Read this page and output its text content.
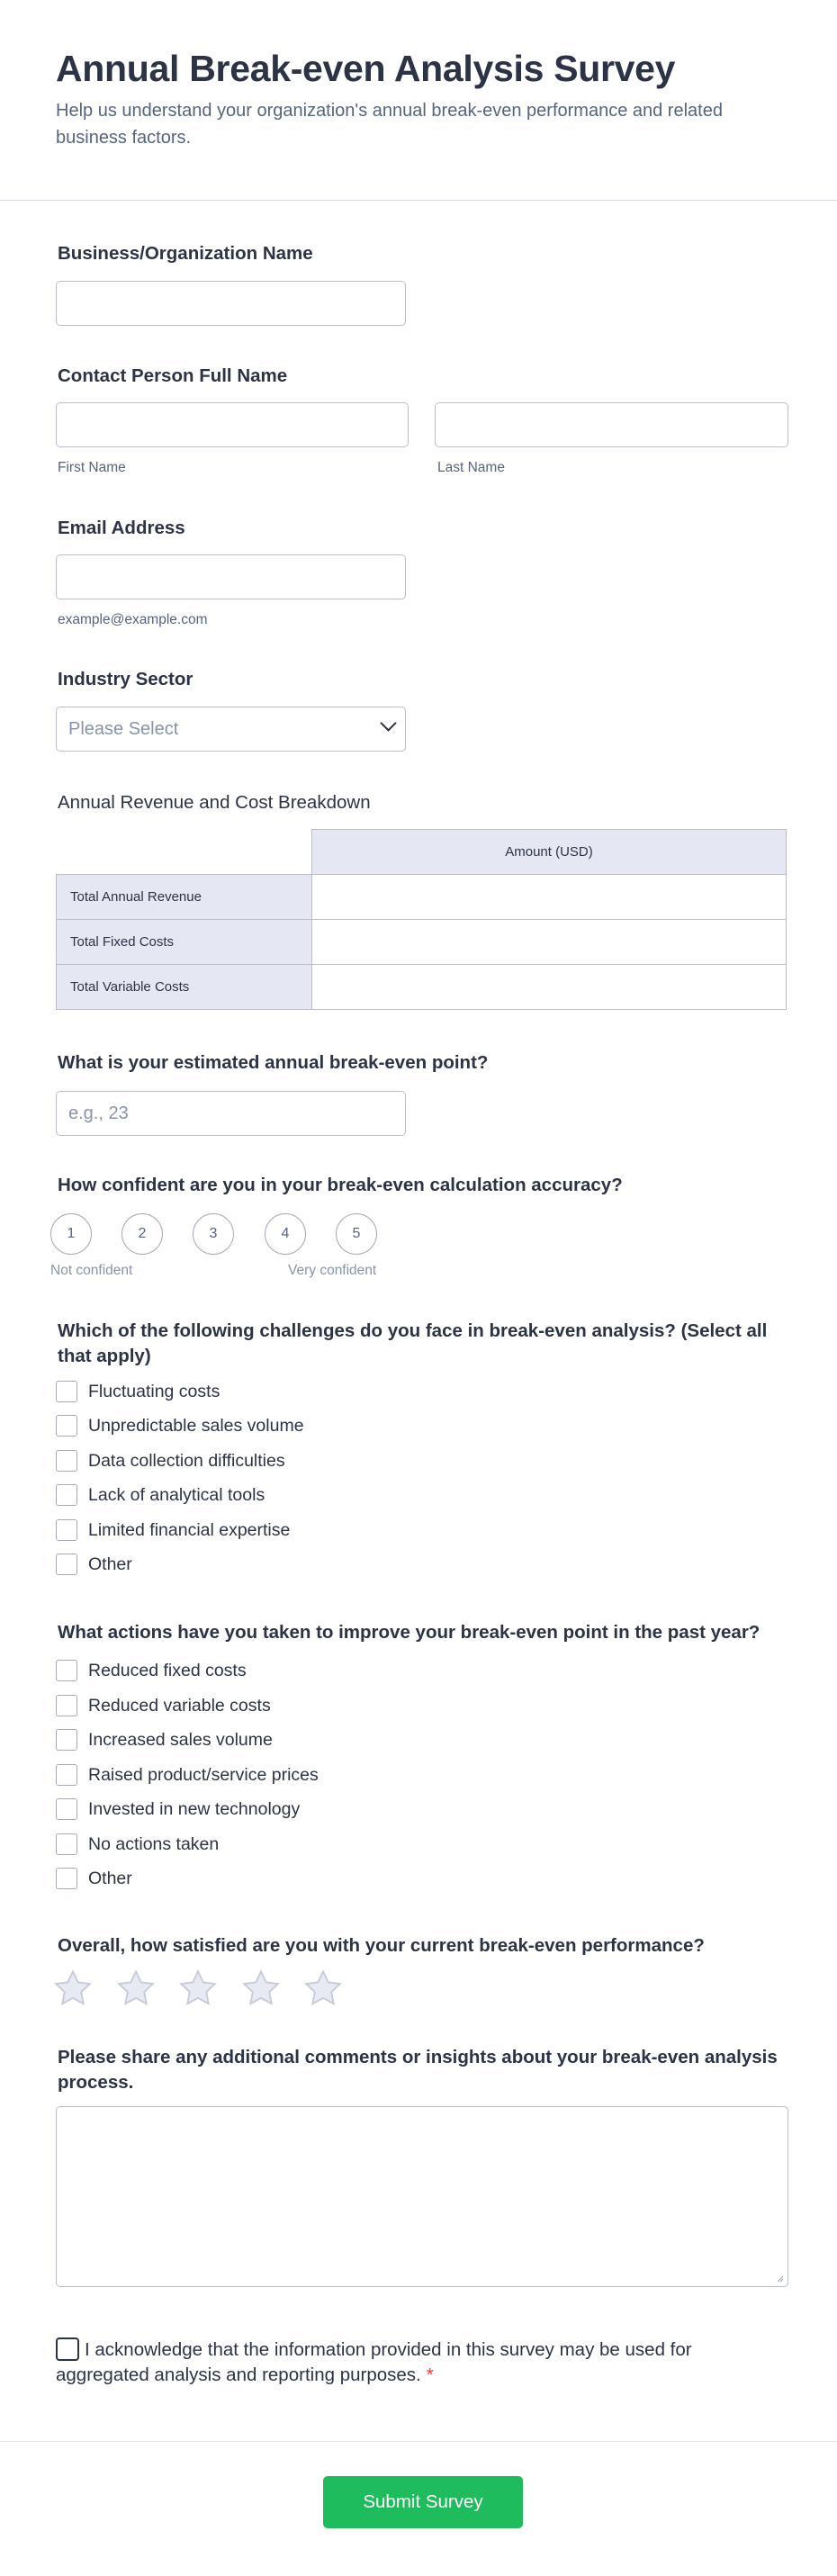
Annual Break-even Analysis Survey
Help us understand your organization's annual break-even performance and related business factors.
Business/Organization Name
Contact Person Full Name
First Name	Last Name
Email Address
example@example.com
Industry Sector
Please Select
Annual Revenue and Cost Breakdown
	Amount (USD)
Total Annual Revenue	
Total Fixed Costs	
Total Variable Costs	
What is your estimated annual break-even point?
e.g., 23
How confident are you in your break-even calculation accuracy?
1	2	3	4	5
Not confident	Very confident
Which of the following challenges do you face in break-even analysis? (Select all that apply)
Fluctuating costs
Unpredictable sales volume
Data collection difficulties
Lack of analytical tools
Limited financial expertise
Other
What actions have you taken to improve your break-even point in the past year?
Reduced fixed costs
Reduced variable costs
Increased sales volume
Raised product/service prices
Invested in new technology
No actions taken
Other
Overall, how satisfied are you with your current break-even performance?
Please share any additional comments or insights about your break-even analysis process.
I acknowledge that the information provided in this survey may be used for aggregated analysis and reporting purposes. *
Submit Survey
